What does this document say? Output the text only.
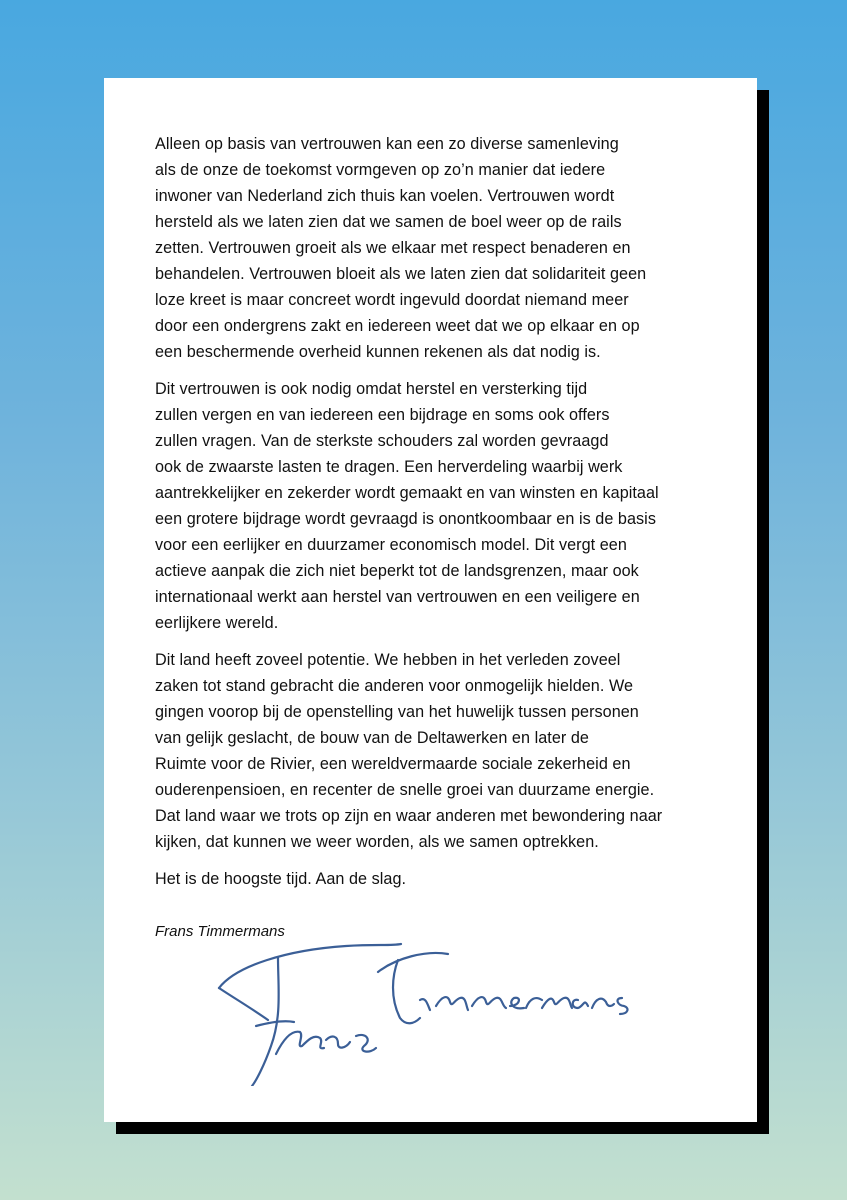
Alleen op basis van vertrouwen kan een zo diverse samenleving
als de onze de toekomst vormgeven op zo’n manier dat iedere
inwoner van Nederland zich thuis kan voelen. Vertrouwen wordt
hersteld als we laten zien dat we samen de boel weer op de rails
zetten. Vertrouwen groeit als we elkaar met respect benaderen en
behandelen. Vertrouwen bloeit als we laten zien dat solidariteit geen
loze kreet is maar concreet wordt ingevuld doordat niemand meer
door een ondergrens zakt en iedereen weet dat we op elkaar en op
een beschermende overheid kunnen rekenen als dat nodig is.
Dit vertrouwen is ook nodig omdat herstel en versterking tijd
zullen vergen en van iedereen een bijdrage en soms ook offers
zullen vragen. Van de sterkste schouders zal worden gevraagd
ook de zwaarste lasten te dragen. Een herverdeling waarbij werk
aantrekkelijker en zekerder wordt gemaakt en van winsten en kapitaal
een grotere bijdrage wordt gevraagd is onontkoombaar en is de basis
voor een eerlijker en duurzamer economisch model. Dit vergt een
actieve aanpak die zich niet beperkt tot de landsgrenzen, maar ook
internationaal werkt aan herstel van vertrouwen en een veiligere en
eerlijkere wereld.
Dit land heeft zoveel potentie. We hebben in het verleden zoveel
zaken tot stand gebracht die anderen voor onmogelijk hielden. We
gingen voorop bij de openstelling van het huwelijk tussen personen
van gelijk geslacht, de bouw van de Deltawerken en later de
Ruimte voor de Rivier, een wereldvermaarde sociale zekerheid en
ouderenpensioen, en recenter de snelle groei van duurzame energie.
Dat land waar we trots op zijn en waar anderen met bewondering naar
kijken, dat kunnen we weer worden, als we samen optrekken.
Het is de hoogste tijd. Aan de slag.
Frans Timmermans
